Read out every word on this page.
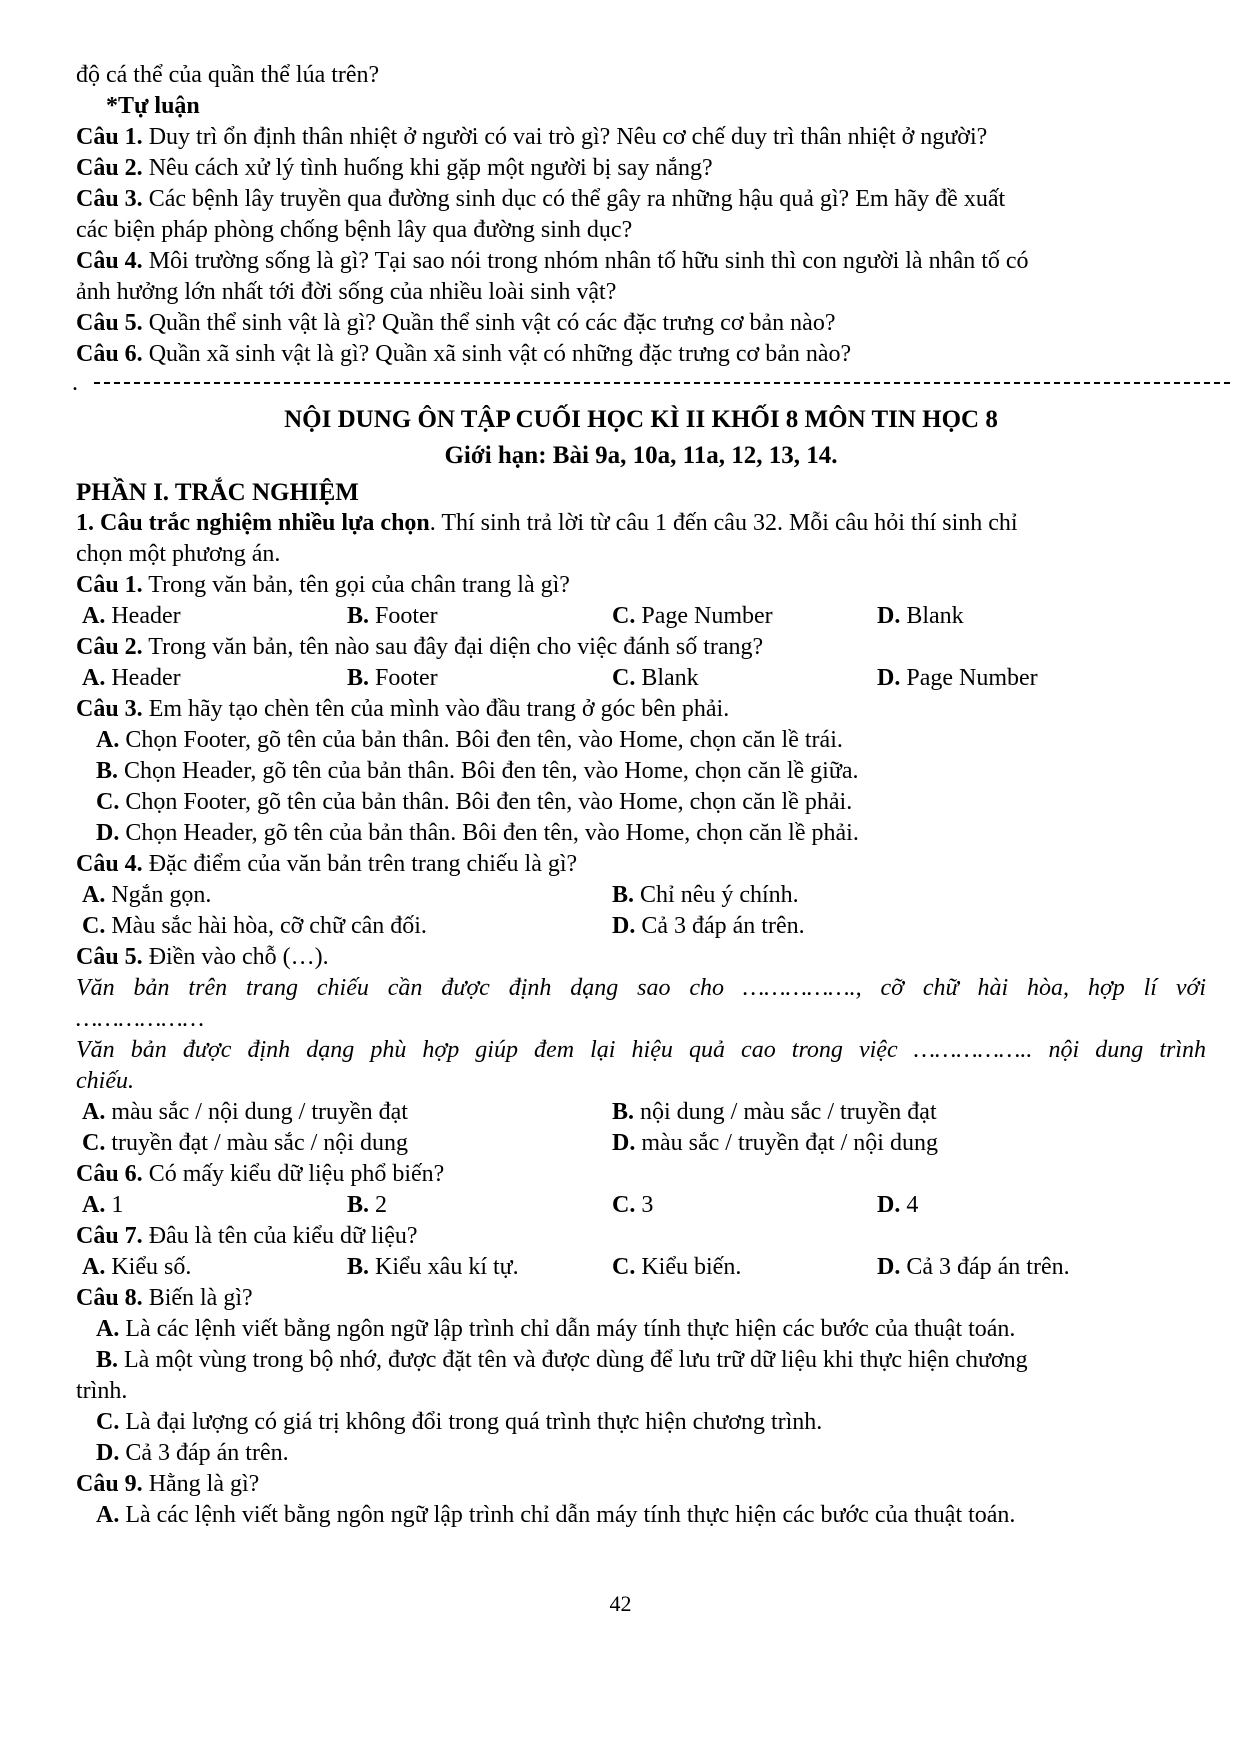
độ cá thể của quần thể lúa trên?
*Tự luận
Câu 1. Duy trì ổn định thân nhiệt ở người có vai trò gì? Nêu cơ chế duy trì thân nhiệt ở người?
Câu 2. Nêu cách xử lý tình huống khi gặp một người bị say nắng?
Câu 3. Các bệnh lây truyền qua đường sinh dục có thể gây ra những hậu quả gì? Em hãy đề xuất
các biện pháp phòng chống bệnh lây qua đường sinh dục?
Câu 4. Môi trường sống là gì? Tại sao nói trong nhóm nhân tố hữu sinh thì con người là nhân tố có
ảnh hưởng lớn nhất tới đời sống của nhiều loài sinh vật?
Câu 5. Quần thể sinh vật là gì? Quần thể sinh vật có các đặc trưng cơ bản nào?
Câu 6. Quần xã sinh vật là gì? Quần xã sinh vật có những đặc trưng cơ bản nào?
.
NỘI DUNG ÔN TẬP CUỐI HỌC KÌ II KHỐI 8 MÔN TIN HỌC 8
Giới hạn: Bài 9a, 10a, 11a, 12, 13, 14.
PHẦN I. TRẮC NGHIỆM
1. Câu trắc nghiệm nhiều lựa chọn. Thí sinh trả lời từ câu 1 đến câu 32. Mỗi câu hỏi thí sinh chỉ
chọn một phương án.
Câu 1. Trong văn bản, tên gọi của chân trang là gì?
A. Header	B. Footer	C. Page Number	D. Blank
Câu 2. Trong văn bản, tên nào sau đây đại diện cho việc đánh số trang?
A. Header	B. Footer	C. Blank	D. Page Number
Câu 3. Em hãy tạo chèn tên của mình vào đầu trang ở góc bên phải.
A. Chọn Footer, gõ tên của bản thân. Bôi đen tên, vào Home, chọn căn lề trái.
B. Chọn Header, gõ tên của bản thân. Bôi đen tên, vào Home, chọn căn lề giữa.
C. Chọn Footer, gõ tên của bản thân. Bôi đen tên, vào Home, chọn căn lề phải.
D. Chọn Header, gõ tên của bản thân. Bôi đen tên, vào Home, chọn căn lề phải.
Câu 4. Đặc điểm của văn bản trên trang chiếu là gì?
A. Ngắn gọn.	B. Chỉ nêu ý chính.
C. Màu sắc hài hòa, cỡ chữ cân đối.	D. Cả 3 đáp án trên.
Câu 5. Điền vào chỗ (…).
Văn bản trên trang chiếu cần được định dạng sao cho ……………., cỡ chữ hài hòa, hợp lí với
………………
Văn bản được định dạng phù hợp giúp đem lại hiệu quả cao trong việc …………….. nội dung trình
chiếu.
A. màu sắc / nội dung / truyền đạt	B. nội dung / màu sắc / truyền đạt
C. truyền đạt / màu sắc / nội dung	D. màu sắc / truyền đạt / nội dung
Câu 6. Có mấy kiểu dữ liệu phổ biến?
A. 1	B. 2	C. 3	D. 4
Câu 7. Đâu là tên của kiểu dữ liệu?
A. Kiểu số.	B. Kiểu xâu kí tự.	C. Kiểu biến.	D. Cả 3 đáp án trên.
Câu 8. Biến là gì?
A. Là các lệnh viết bằng ngôn ngữ lập trình chỉ dẫn máy tính thực hiện các bước của thuật toán.
B. Là một vùng trong bộ nhớ, được đặt tên và được dùng để lưu trữ dữ liệu khi thực hiện chương
trình.
C. Là đại lượng có giá trị không đổi trong quá trình thực hiện chương trình.
D. Cả 3 đáp án trên.
Câu 9. Hằng là gì?
A. Là các lệnh viết bằng ngôn ngữ lập trình chỉ dẫn máy tính thực hiện các bước của thuật toán.
42
